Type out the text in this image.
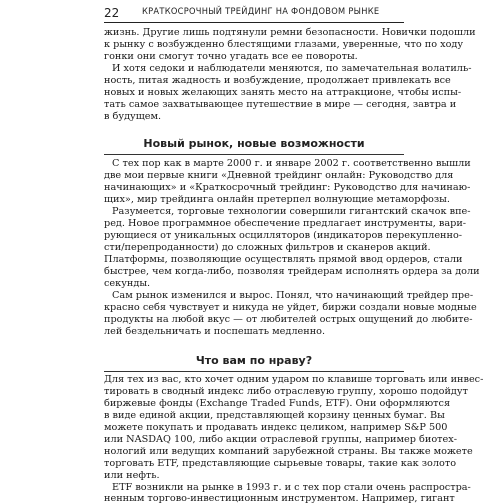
22	КРАТКОСРОЧНЫЙ ТРЕЙДИНГ НА ФОНДОВОМ РЫНКЕ
жизнь. Другие лишь подтянули ремни безопасности. Новички подошли
к рынку с возбужденно блестящими глазами, уверенные, что по ходу
гонки они смогут точно угадать все ее повороты.
И хотя седоки и наблюдатели меняются, по замечательная волатиль-
ность, питая жадность и возбуждение, продолжает привлекать все
новых и новых желающих занять место на аттракционе, чтобы испы-
тать самое захватывающее путешествие в мире — сегодня, завтра и
в будущем.
Новый рынок, новые возможности
С тех пор как в марте 2000 г. и январе 2002 г. соответственно вышли
две мои первые книги «Дневной трейдинг онлайн: Руководство для
начинающих» и «Краткосрочный трейдинг: Руководство для начинаю-
щих», мир трейдинга онлайн претерпел волнующие метаморфозы.
Разумеется, торговые технологии совершили гигантский скачок впе-
ред. Новое программное обеспечение предлагает инструменты, вари-
рующиеся от уникальных осцилляторов (индикаторов перекупленно-
сти/перепроданности) до сложных фильтров и сканеров акций.
Платформы, позволяющие осуществлять прямой ввод ордеров, стали
быстрее, чем когда-либо, позволяя трейдерам исполнять ордера за доли
секунды.
Сам рынок изменился и вырос. Понял, что начинающий трейдер пре-
красно себя чувствует и никуда не уйдет, биржи создали новые модные
продукты на любой вкус — от любителей острых ощущений до любите-
лей бездельничать и поспешать медленно.
Что вам по нраву?
Для тех из вас, кто хочет одним ударом по клавише торговать или инвес-
тировать в сводный индекс либо отраслевую группу, хорошо подойдут
биржевые фонды (Exchange Traded Funds, ETF). Они оформляются
в виде единой акции, представляющей корзину ценных бумаг. Вы
можете покупать и продавать индекс целиком, например S&P 500
или NASDAQ 100, либо акции отраслевой группы, например биотех-
нологий или ведущих компаний зарубежной страны. Вы также можете
торговать ETF, представляющие сырьевые товары, такие как золото
или нефть.
ETF возникли на рынке в 1993 г. и с тех пор стали очень распростра-
ненным торгово-инвестиционным инструментом. Например, гигант
